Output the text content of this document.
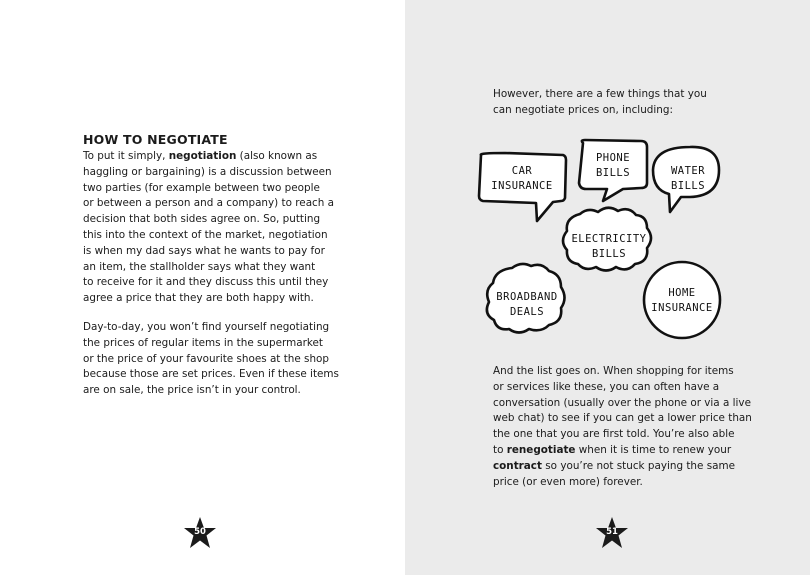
HOW TO NEGOTIATE
To put it simply, negotiation (also known as
haggling or bargaining) is a discussion between
two parties (for example between two people
or between a person and a company) to reach a
decision that both sides agree on. So, putting
this into the context of the market, negotiation
is when my dad says what he wants to pay for
an item, the stallholder says what they want
to receive for it and they discuss this until they
agree a price that they are both happy with.
Day-to-day, you won’t find yourself negotiating
the prices of regular items in the supermarket
or the price of your favourite shoes at the shop
because those are set prices. Even if these items
are on sale, the price isn’t in your control.
50
However, there are a few things that you
can negotiate prices on, including:
CAR
INSURANCE
PHONE
BILLS	WATER
BILLS
ELECTRICITY
BILLS
BROADBAND
DEALS
HOME
INSURANCE
And the list goes on. When shopping for items
or services like these, you can often have a
conversation (usually over the phone or via a live
web chat) to see if you can get a lower price than
the one that you are first told. You’re also able
to renegotiate when it is time to renew your
contract so you’re not stuck paying the same
price (or even more) forever.
51
